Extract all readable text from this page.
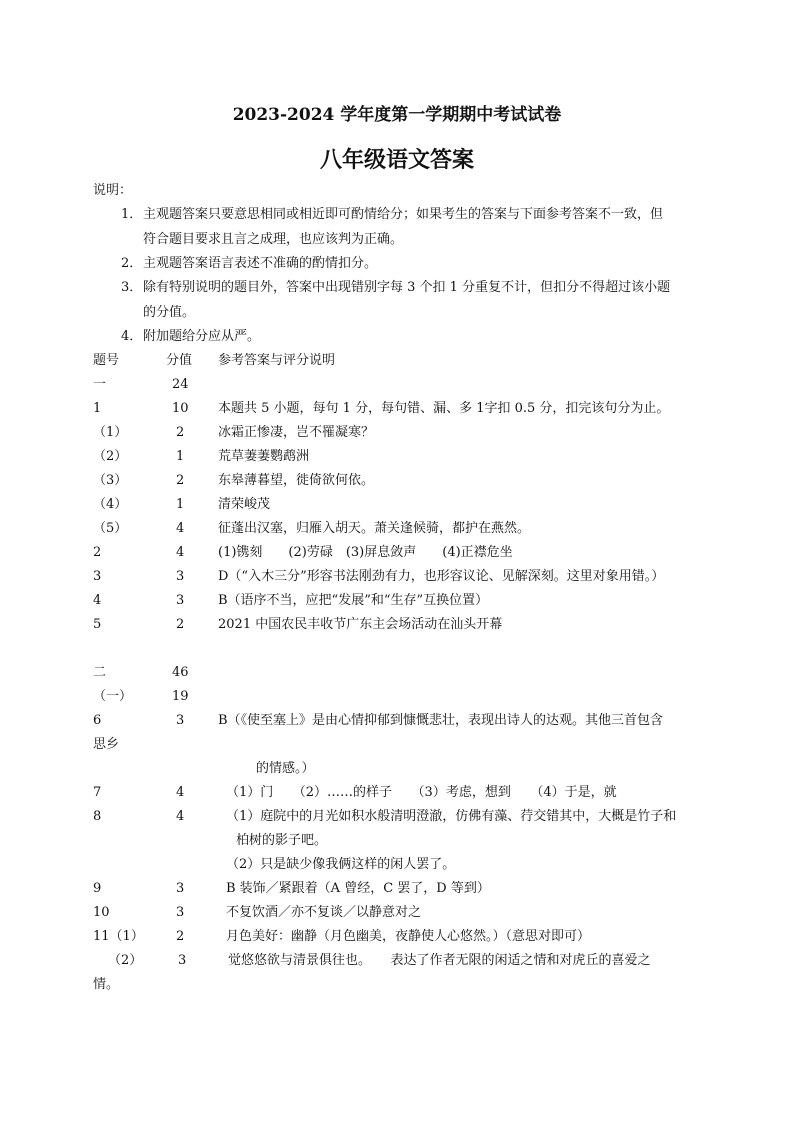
2023-2024 学年度第一学期期中考试试卷
八年级语文答案
说明：
1． 主观题答案只要意思相同或相近即可酌情给分；如果考生的答案与下面参考答案不一致，但
符合题目要求且言之成理，也应该判为正确。
2． 主观题答案语言表述不准确的酌情扣分。
3． 除有特别说明的题目外，答案中出现错别字每 3 个扣 1 分重复不计，但扣分不得超过该小题
的分值。
4． 附加题给分应从严。
题号	分值 参考答案与评分说明
一	24
1	10 本题共 5 小题，每句 1 分，每句错、漏、多 1字扣 0.5 分，扣完该句分为止。
（1）	2	冰霜正惨凄，岂不罹凝寒？
（2）	1	荒草萋萋鹦鹉洲
（3）	2	东皋薄暮望，徙倚欲何依。
（4）	1	清荣峻茂
（5）	4	征蓬出汉塞，归雁入胡天。萧关逢候骑，都护在燕然。
2	4	(1)镌刻　　(2)劳碌　(3)屏息敛声　　(4)正襟危坐
3	3	D（“入木三分”形容书法刚劲有力，也形容议论、见解深刻。这里对象用错。）
4	3	B（语序不当，应把“发展”和“生存”互换位置）
5	2	2021 中国农民丰收节广东主会场活动在汕头开幕
二	46
（一）	19
6	3	B（《使至塞上》是由心情抑郁到慷慨悲壮，表现出诗人的达观。其他三首包含
思乡
的情感。）
7	4	（1）门　　（2）……的样子　　（3）考虑，想到　　（4）于是，就
8	4	（1）庭院中的月光如积水般清明澄澈，仿佛有藻、荇交错其中，大概是竹子和
柏树的影子吧。
（2）只是缺少像我俩这样的闲人罢了。
9	3	B 装饰／紧跟着（A 曾经，C 罢了，D 等到）
10	3	不复饮酒／亦不复谈／以静意对之
11（1） 2	月色美好：幽静（月色幽美，夜静使人心悠然。）（意思对即可）
（2）	3	觉悠悠欲与清景俱往也。　　表达了作者无限的闲适之情和对虎丘的喜爱之
情。
